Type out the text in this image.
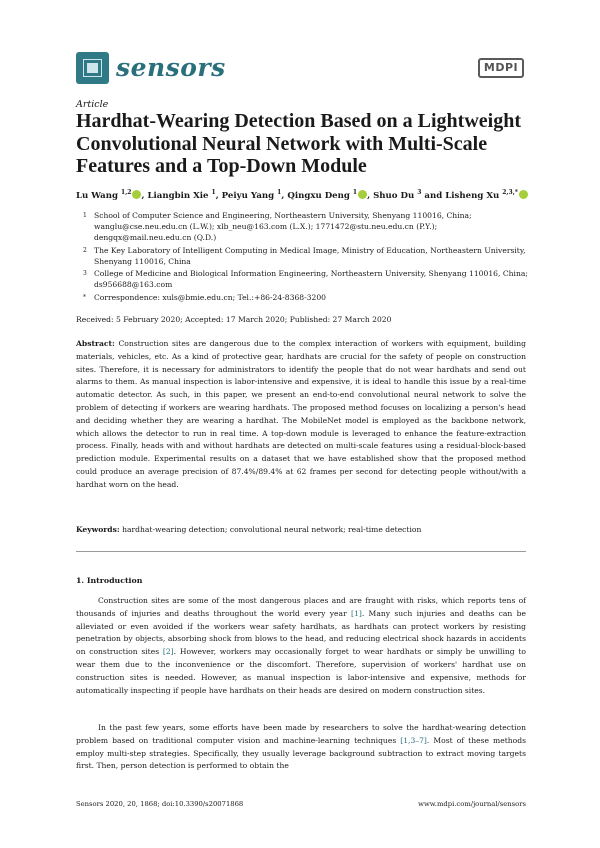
sensors	MDPI
Article
Hardhat-Wearing Detection Based on a Lightweight Convolutional Neural Network with Multi-Scale Features and a Top-Down Module
Lu Wang $^{1,2}$ , Liangbin Xie $^1$, Peiyu Yang $^1$, Qingxu Deng $^1$ , Shuo Du $^3$ and Lisheng Xu $^{2,3,*}$
1 School of Computer Science and Engineering, Northeastern University, Shenyang 110016, China; wanglu@cse.neu.edu.cn (L.W.); xlb_neu@163.com (L.X.); 1771472@stu.neu.edu.cn (P.Y.); dengqx@mail.neu.edu.cn (Q.D.)
2 The Key Laboratory of Intelligent Computing in Medical Image, Ministry of Education, Northeastern University, Shenyang 110016, China
3 College of Medicine and Biological Information Engineering, Northeastern University, Shenyang 110016, China; ds956688@163.com
* Correspondence: xuls@bmie.edu.cn; Tel.:+86-24-8368-3200
Received: 5 February 2020; Accepted: 17 March 2020; Published: 27 March 2020
Abstract: Construction sites are dangerous due to the complex interaction of workers with equipment, building materials, vehicles, etc. As a kind of protective gear, hardhats are crucial for the safety of people on construction sites. Therefore, it is necessary for administrators to identify the people that do not wear hardhats and send out alarms to them. As manual inspection is labor-intensive and expensive, it is ideal to handle this issue by a real-time automatic detector. As such, in this paper, we present an end-to-end convolutional neural network to solve the problem of detecting if workers are wearing hardhats. The proposed method focuses on localizing a person's head and deciding whether they are wearing a hardhat. The MobileNet model is employed as the backbone network, which allows the detector to run in real time. A top-down module is leveraged to enhance the feature-extraction process. Finally, heads with and without hardhats are detected on multi-scale features using a residual-block-based prediction module. Experimental results on a dataset that we have established show that the proposed method could produce an average precision of 87.4%/89.4% at 62 frames per second for detecting people without/with a hardhat worn on the head.
Keywords: hardhat-wearing detection; convolutional neural network; real-time detection
1. Introduction
Construction sites are some of the most dangerous places and are fraught with risks, which reports tens of thousands of injuries and deaths throughout the world every year [1]. Many such injuries and deaths can be alleviated or even avoided if the workers wear safety hardhats, as hardhats can protect workers by resisting penetration by objects, absorbing shock from blows to the head, and reducing electrical shock hazards in accidents on construction sites [2]. However, workers may occasionally forget to wear hardhats or simply be unwilling to wear them due to the inconvenience or the discomfort. Therefore, supervision of workers' hardhat use on construction sites is needed. However, as manual inspection is labor-intensive and expensive, methods for automatically inspecting if people have hardhats on their heads are desired on modern construction sites.
In the past few years, some efforts have been made by researchers to solve the hardhat-wearing detection problem based on traditional computer vision and machine-learning techniques [1,3–7]. Most of these methods employ multi-step strategies. Specifically, they usually leverage background subtraction to extract moving targets first. Then, person detection is performed to obtain the
Sensors 2020, 20, 1868; doi:10.3390/s20071868	www.mdpi.com/journal/sensors
